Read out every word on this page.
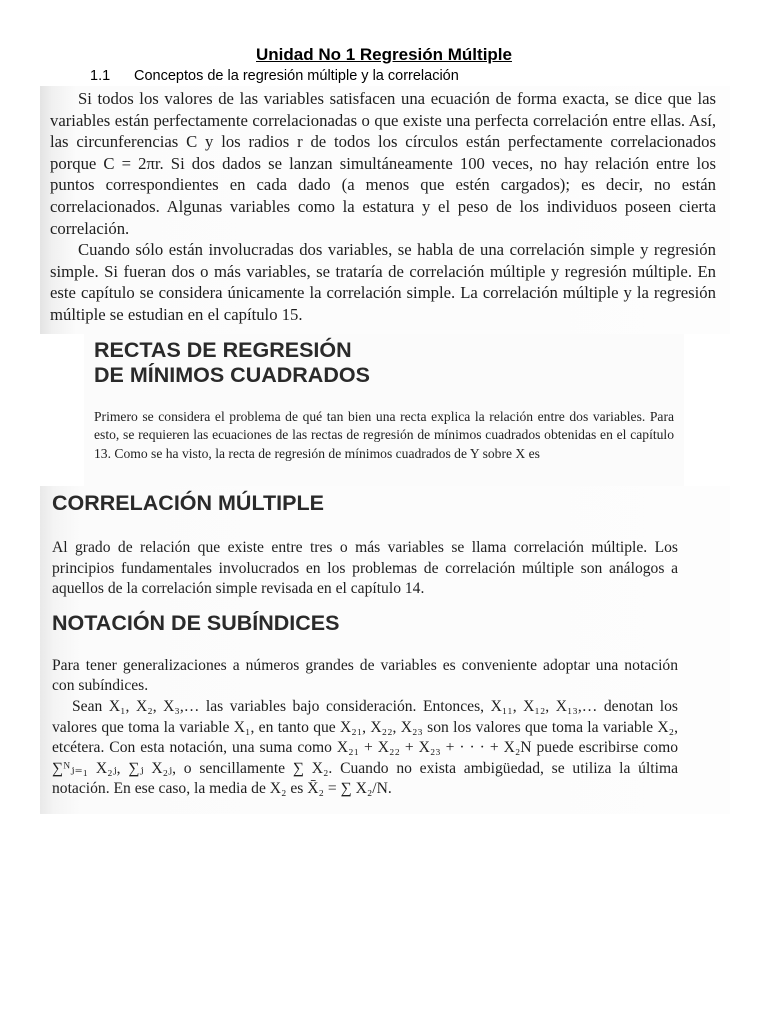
Unidad No 1 Regresión Múltiple

1.1 Conceptos de la regresión múltiple y la correlación

Si todos los valores de las variables satisfacen una ecuación de forma exacta, se dice que las variables están perfectamente correlacionadas o que existe una perfecta correlación entre ellas. Así, las circunferencias C y los radios r de todos los círculos están perfectamente correlacionados porque C = 2πr. Si dos dados se lanzan simultáneamente 100 veces, no hay relación entre los puntos correspondientes en cada dado (a menos que estén cargados); es decir, no están correlacionados. Algunas variables como la estatura y el peso de los individuos poseen cierta correlación.

Cuando sólo están involucradas dos variables, se habla de una correlación simple y regresión simple. Si fueran dos o más variables, se trataría de correlación múltiple y regresión múltiple. En este capítulo se considera únicamente la correlación simple. La correlación múltiple y la regresión múltiple se estudian en el capítulo 15.

RECTAS DE REGRESIÓN
DE MÍNIMOS CUADRADOS

Primero se considera el problema de qué tan bien una recta explica la relación entre dos variables. Para esto, se requieren las ecuaciones de las rectas de regresión de mínimos cuadrados obtenidas en el capítulo 13. Como se ha visto, la recta de regresión de mínimos cuadrados de Y sobre X es

CORRELACIÓN MÚLTIPLE

Al grado de relación que existe entre tres o más variables se llama correlación múltiple. Los principios fundamentales involucrados en los problemas de correlación múltiple son análogos a aquellos de la correlación simple revisada en el capítulo 14.

NOTACIÓN DE SUBÍNDICES

Para tener generalizaciones a números grandes de variables es conveniente adoptar una notación con subíndices.

Sean X₁, X₂, X₃,… las variables bajo consideración. Entonces, X₁₁, X₁₂, X₁₃,… denotan los valores que toma la variable X₁, en tanto que X₂₁, X₂₂, X₂₃ son los valores que toma la variable X₂, etcétera. Con esta notación, una suma como X₂₁ + X₂₂ + X₂₃ + · · · + X₂N puede escribirse como ∑ᴺⱼ₌₁ X₂ⱼ, ∑ⱼ X₂ⱼ, o sencillamente ∑ X₂. Cuando no exista ambigüedad, se utiliza la última notación. En ese caso, la media de X₂ es X̄₂ = ∑ X₂/N.
